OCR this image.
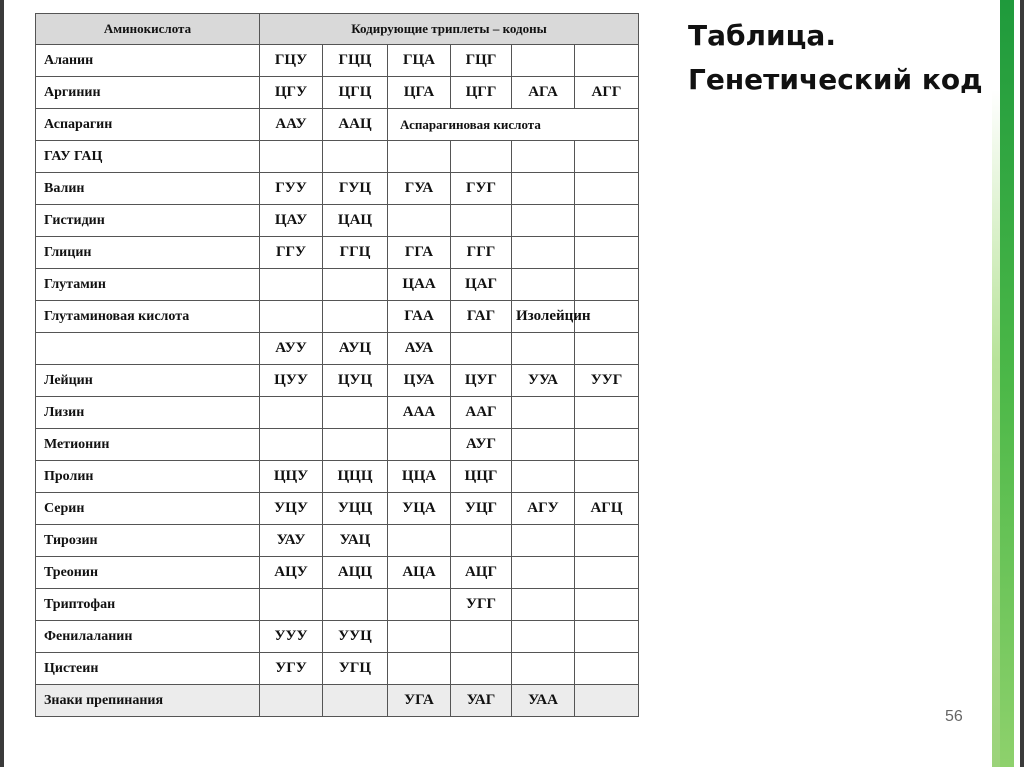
Аминокислота	Кодирующие триплеты – кодоны					
Аланин	ГЦУ	ГЦЦ	ГЦА	ГЦГ		
Аргинин	ЦГУ	ЦГЦ	ЦГА	ЦГГ	АГА	АГГ
Аспарагин	ААУ	ААЦ	Аспарагиновая кислота			
ГАУ ГАЦ						
Валин	ГУУ	ГУЦ	ГУА	ГУГ		
Гистидин	ЦАУ	ЦАЦ				
Глицин	ГГУ	ГГЦ	ГГА	ГГГ		
Глутамин			ЦАА	ЦАГ		
Глутаминовая кислота			ГАА	ГАГ	Изолейцин	
	АУУ	АУЦ	АУА			
Лейцин	ЦУУ	ЦУЦ	ЦУА	ЦУГ	УУА	УУГ
Лизин			ААА	ААГ		
Метионин				АУГ		
Пролин	ЦЦУ	ЦЦЦ	ЦЦА	ЦЦГ		
Серин	УЦУ	УЦЦ	УЦА	УЦГ	АГУ	АГЦ
Тирозин	УАУ	УАЦ				
Треонин	АЦУ	АЦЦ	АЦА	АЦГ		
Триптофан				УГГ		
Фенилаланин	УУУ	УУЦ				
Цистеин	УГУ	УГЦ				
Знаки препинания			УГА	УАГ	УАА	
Таблица.
Генетический код
56
